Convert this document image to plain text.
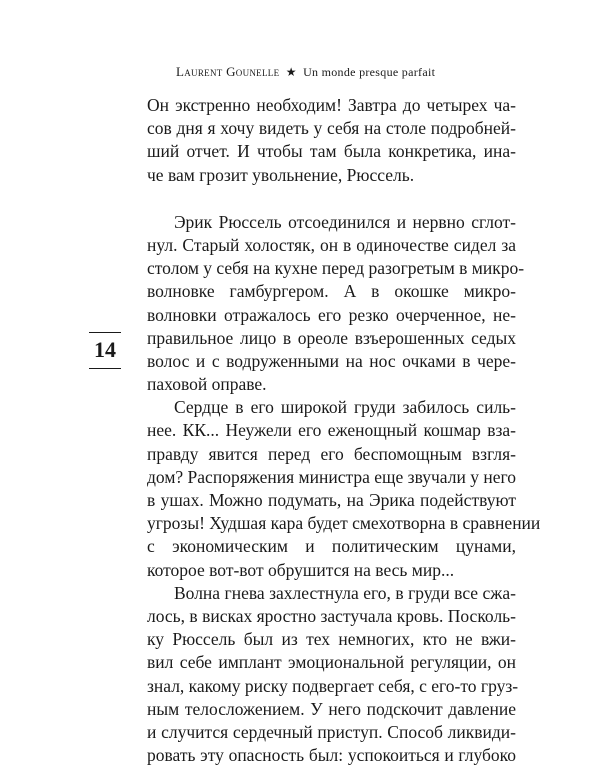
Laurent Gounelle ★ Un monde presque parfait
14
Он экстренно необходим! Завтра до четырех ча-
сов дня я хочу видеть у себя на столе подробней-
ший отчет. И чтобы там была конкретика, ина-
че вам грозит увольнение, Рюссель.
Эрик Рюссель отсоединился и нервно сглот-
нул. Старый холостяк, он в одиночестве сидел за
столом у себя на кухне перед разогретым в микро-
волновке гамбургером. А в окошке микро-
волновки отражалось его резко очерченное, не-
правильное лицо в ореоле взъерошенных седых
волос и с водруженными на нос очками в чере-
паховой оправе.
Сердце в его широкой груди забилось силь-
нее. КК... Неужели его еженощный кошмар вза-
правду явится перед его беспомощным взгля-
дом? Распоряжения министра еще звучали у него
в ушах. Можно подумать, на Эрика подействуют
угрозы! Худшая кара будет смехотворна в сравнении
с экономическим и политическим цунами,
которое вот-вот обрушится на весь мир...
Волна гнева захлестнула его, в груди все сжа-
лось, в висках яростно застучала кровь. Посколь-
ку Рюссель был из тех немногих, кто не вжи-
вил себе имплант эмоциональной регуляции, он
знал, какому риску подвергает себя, с его-то груз-
ным телосложением. У него подскочит давление
и случится сердечный приступ. Способ ликвиди-
ровать эту опасность был: успокоиться и глубоко
